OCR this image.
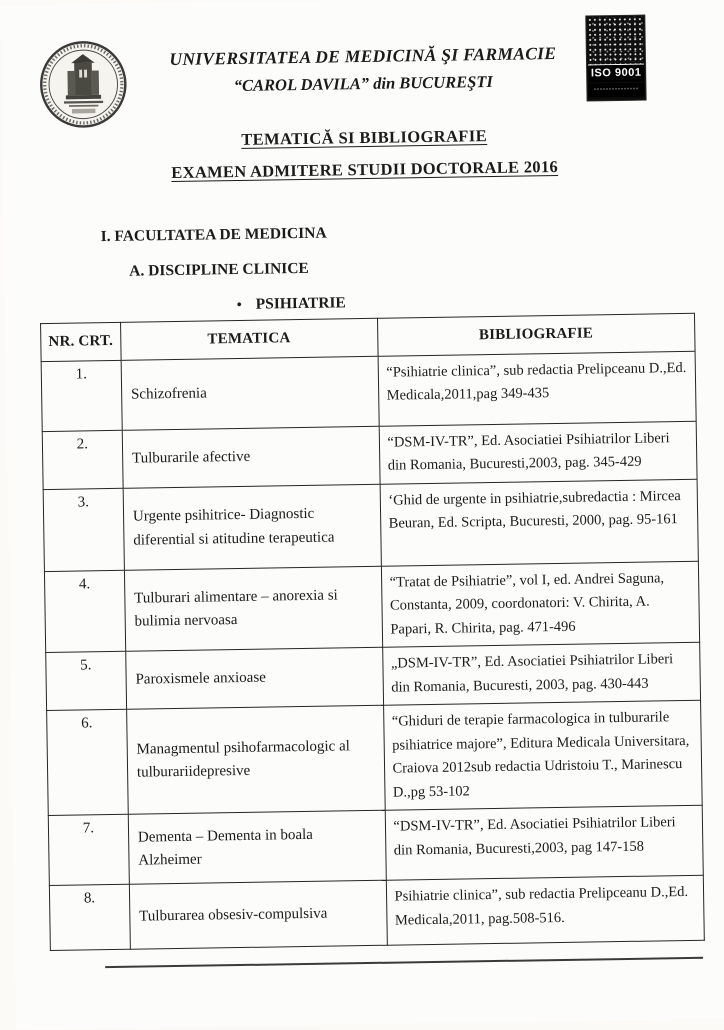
UNIVERSITATEA DE MEDICINĂ ŞI FARMACIE
“CAROL DAVILA” din BUCUREŞTI	ISO 9001
TEMATICĂ SI BIBLIOGRAFIE
EXAMEN ADMITERE STUDII DOCTORALE 2016
I. FACULTATEA DE MEDICINA
A. DISCIPLINE CLINICE
• PSIHIATRIE
NR. CRT.	TEMATICA	BIBLIOGRAFIE
1.	Schizofrenia	“Psihiatrie clinica”, sub redactia Prelipceanu D.,Ed. Medicala,2011,pag 349-435
2.	Tulburarile afective	“DSM-IV-TR”, Ed. Asociatiei Psihiatrilor Liberi din Romania, Bucuresti,2003, pag. 345-429
3.	Urgente psihitrice- Diagnostic diferential si atitudine terapeutica	‘Ghid de urgente in psihiatrie,subredactia : Mircea Beuran, Ed. Scripta, Bucuresti, 2000, pag. 95-161
4.	Tulburari alimentare – anorexia si bulimia nervoasa	“Tratat de Psihiatrie”, vol I, ed. Andrei Saguna, Constanta, 2009, coordonatori: V. Chirita, A. Papari, R. Chirita, pag. 471-496
5.	Paroxismele anxioase	„DSM-IV-TR”, Ed. Asociatiei Psihiatrilor Liberi din Romania, Bucuresti, 2003, pag. 430-443
6.	Managmentul psihofarmacologic al tulburariidepresive	“Ghiduri de terapie farmacologica in tulburarile psihiatrice majore”, Editura Medicala Universitara, Craiova 2012sub redactia Udristoiu T., Marinescu D.,pg 53-102
7.	Dementa – Dementa in boala Alzheimer	“DSM-IV-TR”, Ed. Asociatiei Psihiatrilor Liberi din Romania, Bucuresti,2003, pag 147-158
8.	Tulburarea obsesiv-compulsiva	Psihiatrie clinica”, sub redactia Prelipceanu D.,Ed. Medicala,2011, pag.508-516.
